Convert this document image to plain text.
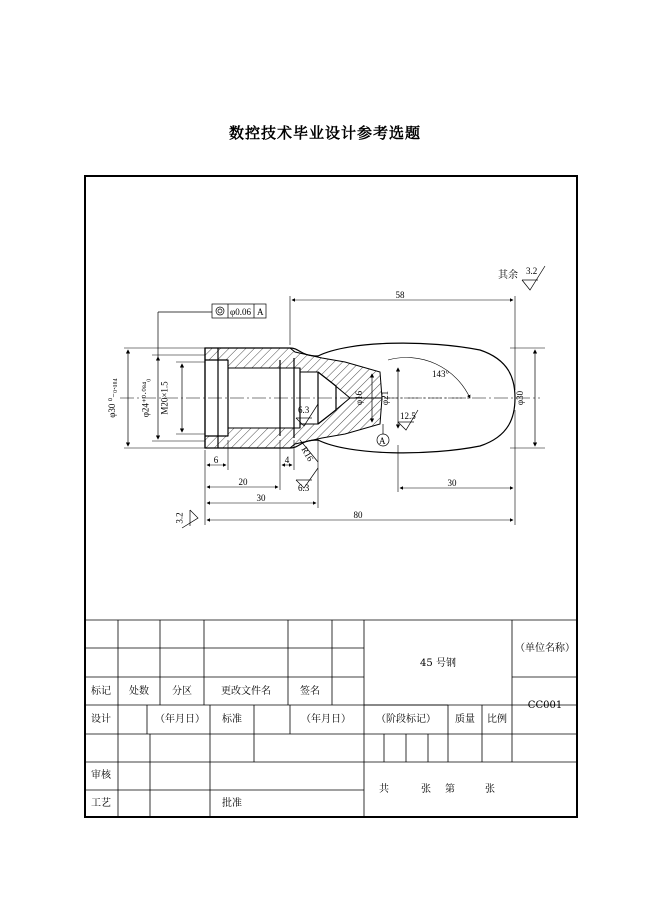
数控技术毕业设计参考选题
其余 3.2
φ0.06 A
58
143°
6.3
6.3
12.5
3.2
R16
A
6	4
20
30
30
80
φ16 φ21	φ30
φ30 ⁰₋₀.₀₈₄	φ24⁺⁰·⁰⁸⁴₀ M20×1.5
45 号钢
（单位名称）
CC001
标记 处数 分区	更改文件名	签名
设计	（年月日） 标准	（年月日）	（阶段标记） 质量 比例
审核
工艺	批准
共	张 第	张
